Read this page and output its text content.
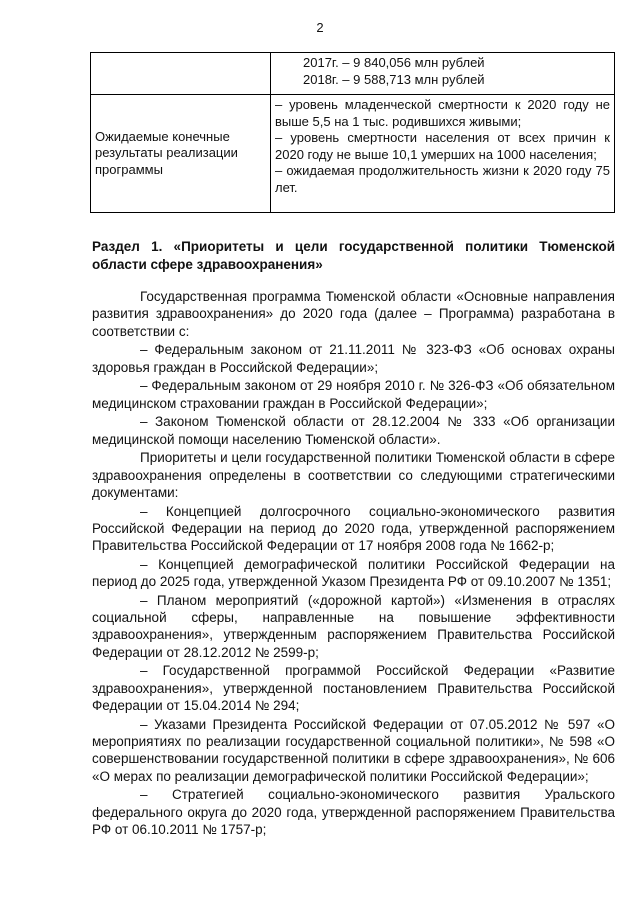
2

	2017г. – 9 840,056 млн рублей
2018г. – 9 588,713 млн рублей

Ожидаемые конечные результаты реализации программы	– уровень младенческой смертности к 2020 году не выше 5,5 на 1 тыс. родившихся живыми;

– уровень смертности населения от всех причин к 2020 году не выше 10,1 умерших на 1000 населения;

– ожидаемая продолжительность жизни к 2020 году 75 лет.

Раздел 1. «Приоритеты и цели государственной политики Тюменской области сфере здравоохранения»

Государственная программа Тюменской области «Основные направления развития здравоохранения» до 2020 года (далее – Программа) разработана в соответствии с:

– Федеральным законом от 21.11.2011 № 323-ФЗ «Об основах охраны здоровья граждан в Российской Федерации»;

– Федеральным законом от 29 ноября 2010 г. № 326-ФЗ «Об обязательном медицинском страховании граждан в Российской Федерации»;

– Законом Тюменской области от 28.12.2004 № 333 «Об организации медицинской помощи населению Тюменской области».

Приоритеты и цели государственной политики Тюменской области в сфере здравоохранения определены в соответствии со следующими стратегическими документами:

– Концепцией долгосрочного социально-экономического развития Российской Федерации на период до 2020 года, утвержденной распоряжением Правительства Российской Федерации от 17 ноября 2008 года № 1662-р;

– Концепцией демографической политики Российской Федерации на период до 2025 года, утвержденной Указом Президента РФ от 09.10.2007 № 1351;

– Планом мероприятий («дорожной картой») «Изменения в отраслях социальной сферы, направленные на повышение эффективности здравоохранения», утвержденным распоряжением Правительства Российской Федерации от 28.12.2012 № 2599-р;

– Государственной программой Российской Федерации «Развитие здравоохранения», утвержденной постановлением Правительства Российской Федерации от 15.04.2014 № 294;

– Указами Президента Российской Федерации от 07.05.2012 № 597 «О мероприятиях по реализации государственной социальной политики», № 598 «О совершенствовании государственной политики в сфере здравоохранения», № 606 «О мерах по реализации демографической политики Российской Федерации»;

– Стратегией социально-экономического развития Уральского федерального округа до 2020 года, утвержденной распоряжением Правительства РФ от 06.10.2011 № 1757-р;
